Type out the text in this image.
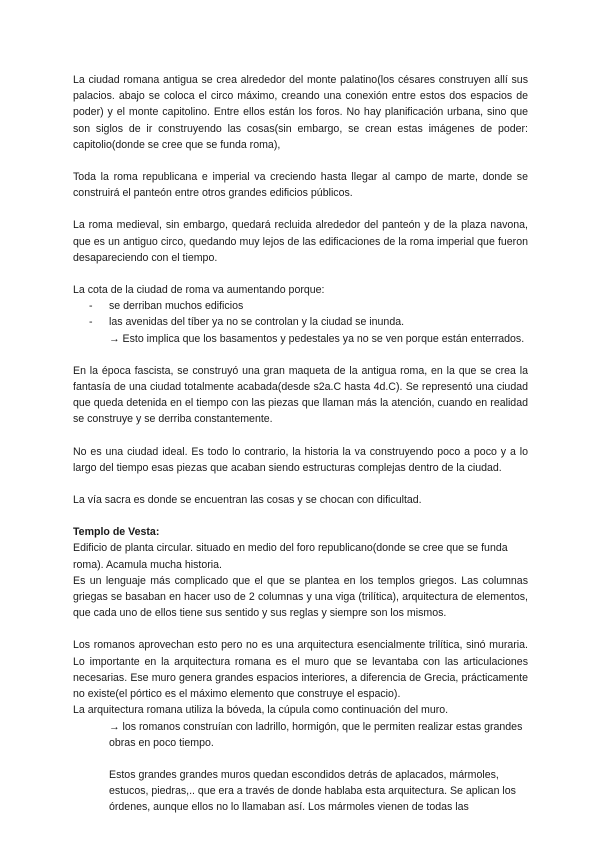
La ciudad romana antigua se crea alrededor del monte palatino(los césares construyen allí sus palacios. abajo se coloca el circo máximo, creando una conexión entre estos dos espacios de poder) y el monte capitolino. Entre ellos están los foros. No hay planificación urbana, sino que son siglos de ir construyendo las cosas(sin embargo, se crean estas imágenes de poder: capitolio(donde se cree que se funda roma),

Toda la roma republicana e imperial va creciendo hasta llegar al campo de marte, donde se construirá el panteón entre otros grandes edificios públicos.

La roma medieval, sin embargo, quedará recluida alrededor del panteón y de la plaza navona, que es un antiguo circo, quedando muy lejos de las edificaciones de la roma imperial que fueron desapareciendo con el tiempo.

La cota de la ciudad de roma va aumentando porque:

- se derriban muchos edificios
- las avenidas del tíber ya no se controlan y la ciudad se inunda.

→ Esto implica que los basamentos y pedestales ya no se ven porque están enterrados.

En la época fascista, se construyó una gran maqueta de la antigua roma, en la que se crea la fantasía de una ciudad totalmente acabada(desde s2a.C hasta 4d.C). Se representó una ciudad que queda detenida en el tiempo con las piezas que llaman más la atención, cuando en realidad se construye y se derriba constantemente.

No es una ciudad ideal. Es todo lo contrario, la historia la va construyendo poco a poco y a lo largo del tiempo esas piezas que acaban siendo estructuras complejas dentro de la ciudad.

La vía sacra es donde se encuentran las cosas y se chocan con dificultad.

Templo de Vesta:

Edificio de planta circular. situado en medio del foro republicano(donde se cree que se funda roma). Acamula mucha historia.

Es un lenguaje más complicado que el que se plantea en los templos griegos. Las columnas griegas se basaban en hacer uso de 2 columnas y una viga (trilítica), arquitectura de elementos, que cada uno de ellos tiene sus sentido y sus reglas y siempre son los mismos.

Los romanos aprovechan esto pero no es una arquitectura esencialmente trilítica, sinó muraria. Lo importante en la arquitectura romana es el muro que se levantaba con las articulaciones necesarias. Ese muro genera grandes espacios interiores, a diferencia de Grecia, prácticamente no existe(el pórtico es el máximo elemento que construye el espacio).

La arquitectura romana utiliza la bóveda, la cúpula como continuación del muro.

→ los romanos construían con ladrillo, hormigón, que le permiten realizar estas grandes obras en poco tiempo.

Estos grandes grandes muros quedan escondidos detrás de aplacados, mármoles, estucos, piedras,.. que era a través de donde hablaba esta arquitectura. Se aplican los órdenes, aunque ellos no lo llamaban así. Los mármoles vienen de todas las
